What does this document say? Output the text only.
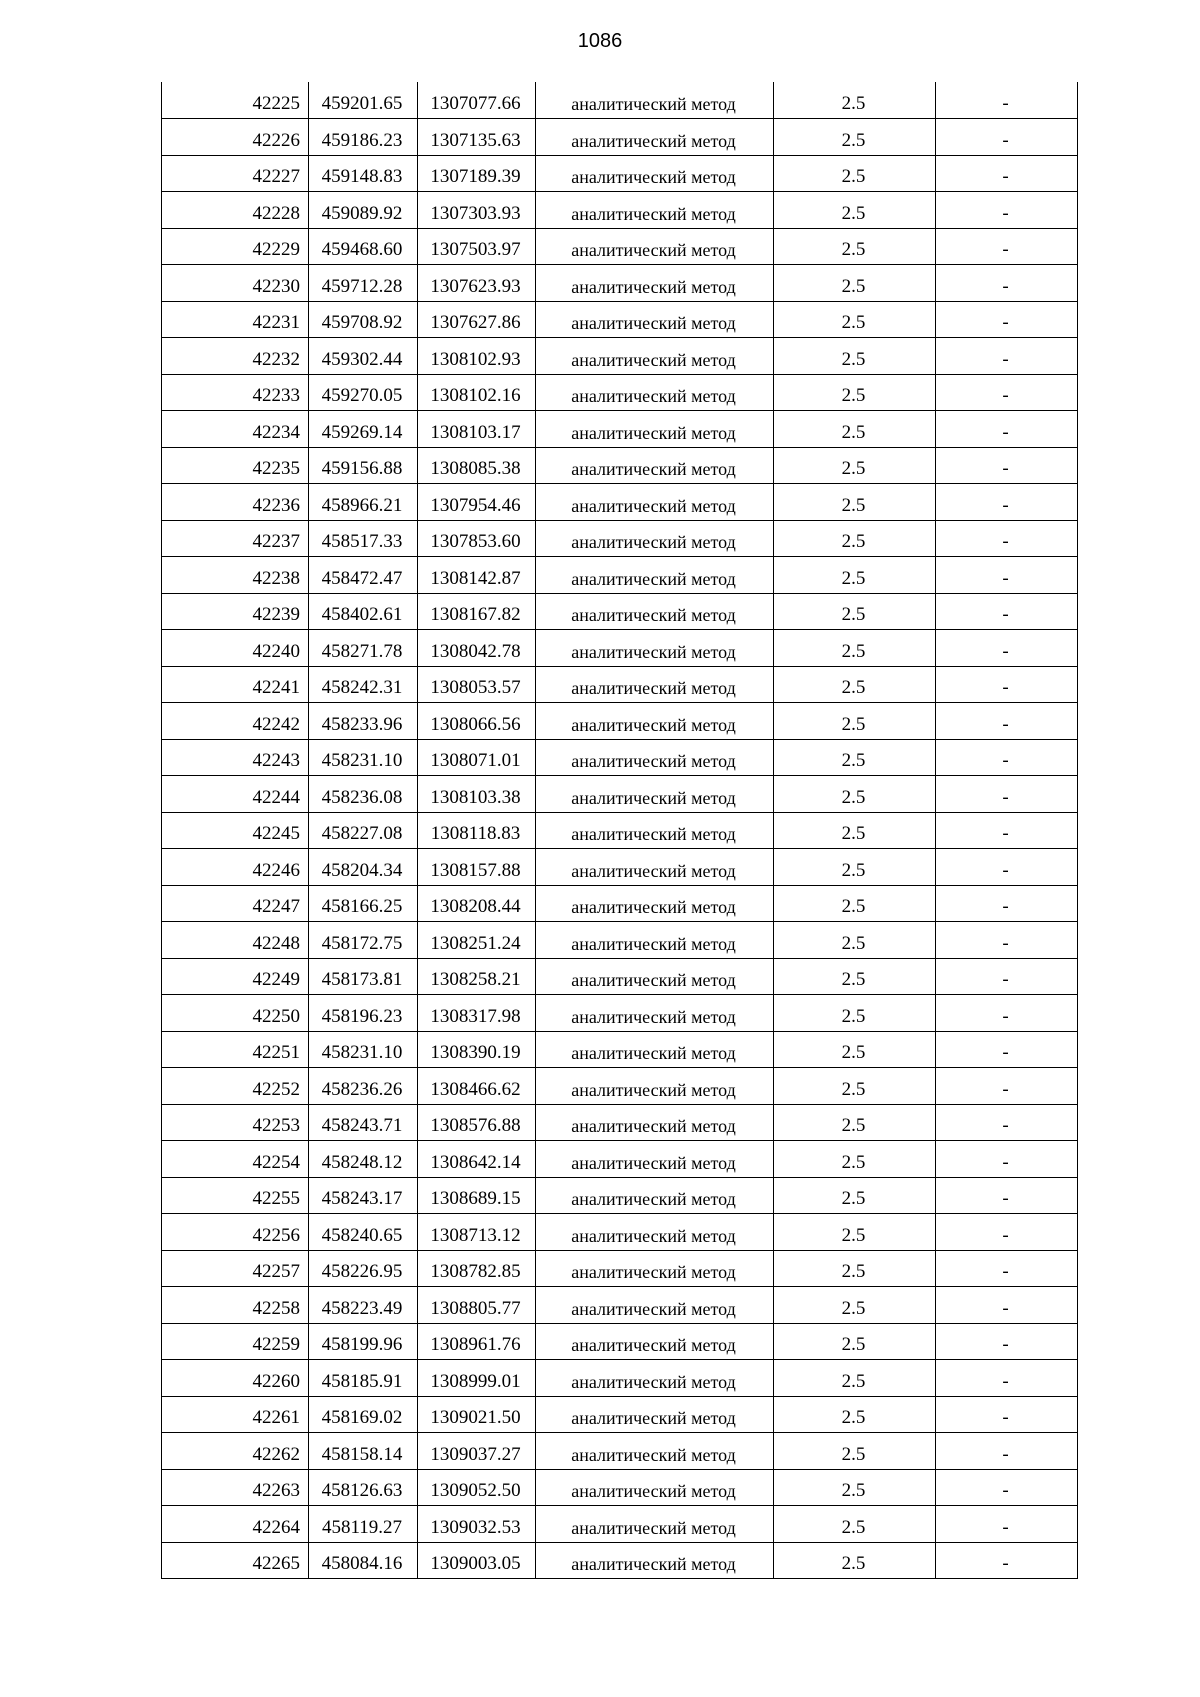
1086
42225	459201.65	1307077.66	аналитический метод	2.5	-
42226	459186.23	1307135.63	аналитический метод	2.5	-
42227	459148.83	1307189.39	аналитический метод	2.5	-
42228	459089.92	1307303.93	аналитический метод	2.5	-
42229	459468.60	1307503.97	аналитический метод	2.5	-
42230	459712.28	1307623.93	аналитический метод	2.5	-
42231	459708.92	1307627.86	аналитический метод	2.5	-
42232	459302.44	1308102.93	аналитический метод	2.5	-
42233	459270.05	1308102.16	аналитический метод	2.5	-
42234	459269.14	1308103.17	аналитический метод	2.5	-
42235	459156.88	1308085.38	аналитический метод	2.5	-
42236	458966.21	1307954.46	аналитический метод	2.5	-
42237	458517.33	1307853.60	аналитический метод	2.5	-
42238	458472.47	1308142.87	аналитический метод	2.5	-
42239	458402.61	1308167.82	аналитический метод	2.5	-
42240	458271.78	1308042.78	аналитический метод	2.5	-
42241	458242.31	1308053.57	аналитический метод	2.5	-
42242	458233.96	1308066.56	аналитический метод	2.5	-
42243	458231.10	1308071.01	аналитический метод	2.5	-
42244	458236.08	1308103.38	аналитический метод	2.5	-
42245	458227.08	1308118.83	аналитический метод	2.5	-
42246	458204.34	1308157.88	аналитический метод	2.5	-
42247	458166.25	1308208.44	аналитический метод	2.5	-
42248	458172.75	1308251.24	аналитический метод	2.5	-
42249	458173.81	1308258.21	аналитический метод	2.5	-
42250	458196.23	1308317.98	аналитический метод	2.5	-
42251	458231.10	1308390.19	аналитический метод	2.5	-
42252	458236.26	1308466.62	аналитический метод	2.5	-
42253	458243.71	1308576.88	аналитический метод	2.5	-
42254	458248.12	1308642.14	аналитический метод	2.5	-
42255	458243.17	1308689.15	аналитический метод	2.5	-
42256	458240.65	1308713.12	аналитический метод	2.5	-
42257	458226.95	1308782.85	аналитический метод	2.5	-
42258	458223.49	1308805.77	аналитический метод	2.5	-
42259	458199.96	1308961.76	аналитический метод	2.5	-
42260	458185.91	1308999.01	аналитический метод	2.5	-
42261	458169.02	1309021.50	аналитический метод	2.5	-
42262	458158.14	1309037.27	аналитический метод	2.5	-
42263	458126.63	1309052.50	аналитический метод	2.5	-
42264	458119.27	1309032.53	аналитический метод	2.5	-
42265	458084.16	1309003.05	аналитический метод	2.5	-
